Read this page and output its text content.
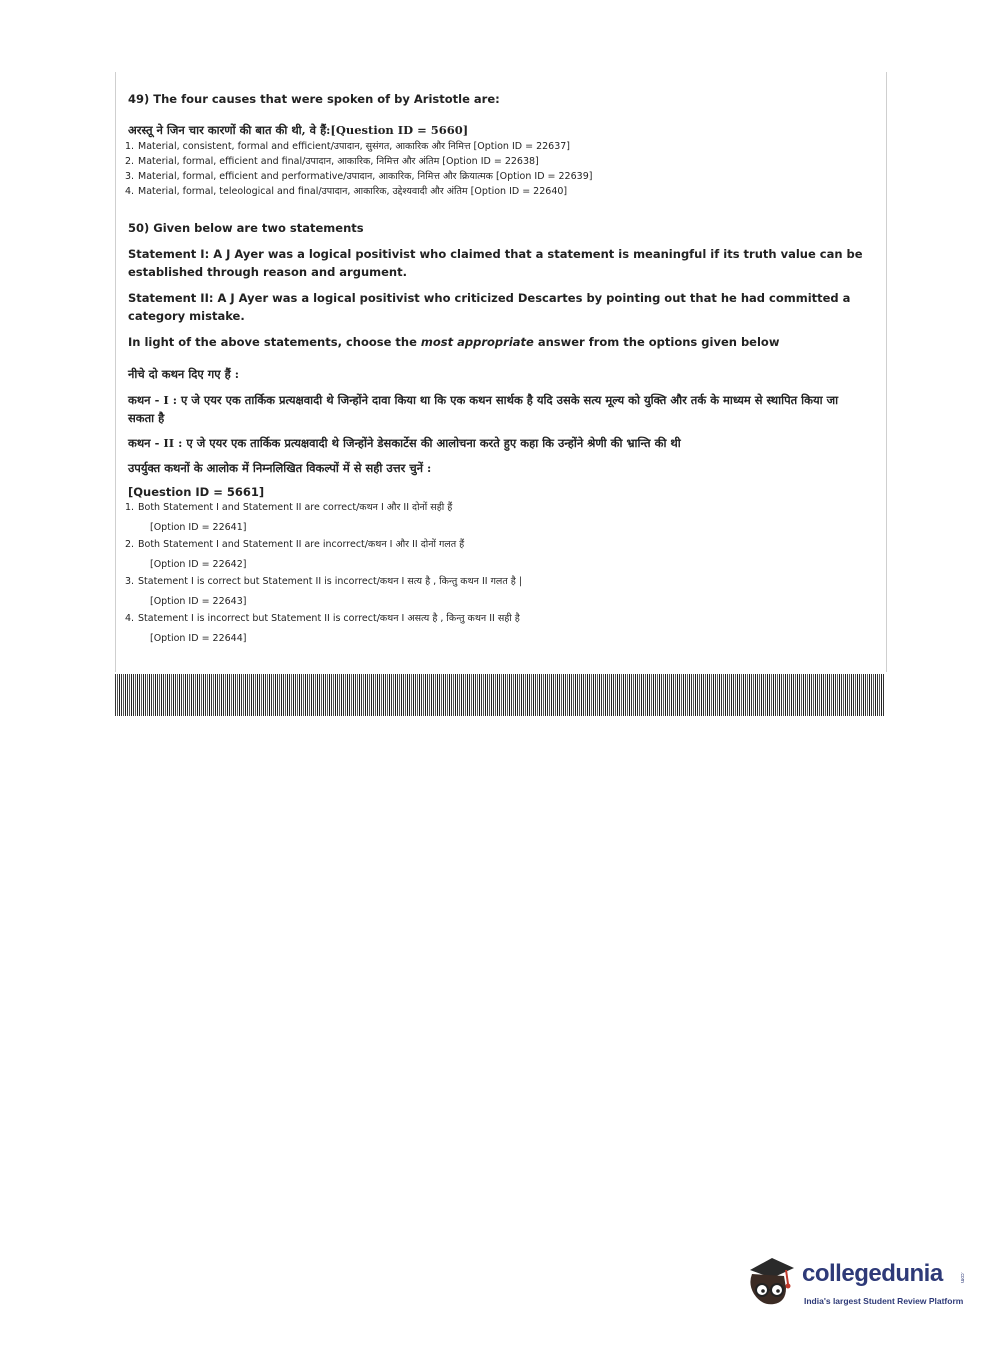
49) The four causes that were spoken of by Aristotle are:

अरस्तू ने जिन चार कारणों की बात की थी, वे हैं:[Question ID = 5660]
1. Material, consistent, formal and efficient/उपादान, सुसंगत, आकारिक और निमित्त [Option ID = 22637]
2. Material, formal, efficient and final/उपादान, आकारिक, निमित्त और अंतिम [Option ID = 22638]
3. Material, formal, efficient and performative/उपादान, आकारिक, निमित्त और क्रियात्मक [Option ID = 22639]
4. Material, formal, teleological and final/उपादान, आकारिक, उद्देश्यवादी और अंतिम [Option ID = 22640]

50) Given below are two statements

Statement I: A J Ayer was a logical positivist who claimed that a statement is meaningful if its truth value can be established through reason and argument.

Statement II: A J Ayer was a logical positivist who criticized Descartes by pointing out that he had committed a category mistake.

In light of the above statements, choose the most appropriate answer from the options given below

नीचे दो कथन दिए गए हैं :

कथन - I : ए जे एयर एक तार्किक प्रत्यक्षवादी थे जिन्होंने दावा किया था कि एक कथन सार्थक है यदि उसके सत्य मूल्य को युक्ति और तर्क के माध्यम से स्थापित किया जा सकता है

कथन - II : ए जे एयर एक तार्किक प्रत्यक्षवादी थे जिन्होंने डेसकार्टेस की आलोचना करते हुए कहा कि उन्होंने श्रेणी की भ्रान्ति की थी

उपर्युक्त कथनों के आलोक में निम्नलिखित विकल्पों में से सही उत्तर चुनें :

[Question ID = 5661]

1. Both Statement I and Statement II are correct/कथन I और II दोनों सही हैं
[Option ID = 22641]
2. Both Statement I and Statement II are incorrect/कथन I और II दोनों गलत हैं
[Option ID = 22642]
3. Statement I is correct but Statement II is incorrect/कथन I सत्य है , किन्तु कथन II गलत है |
[Option ID = 22643]
4. Statement I is incorrect but Statement II is correct/कथन I असत्य है , किन्तु कथन II सही है
[Option ID = 22644]
collegedunia	.com
India's largest Student Review Platform
